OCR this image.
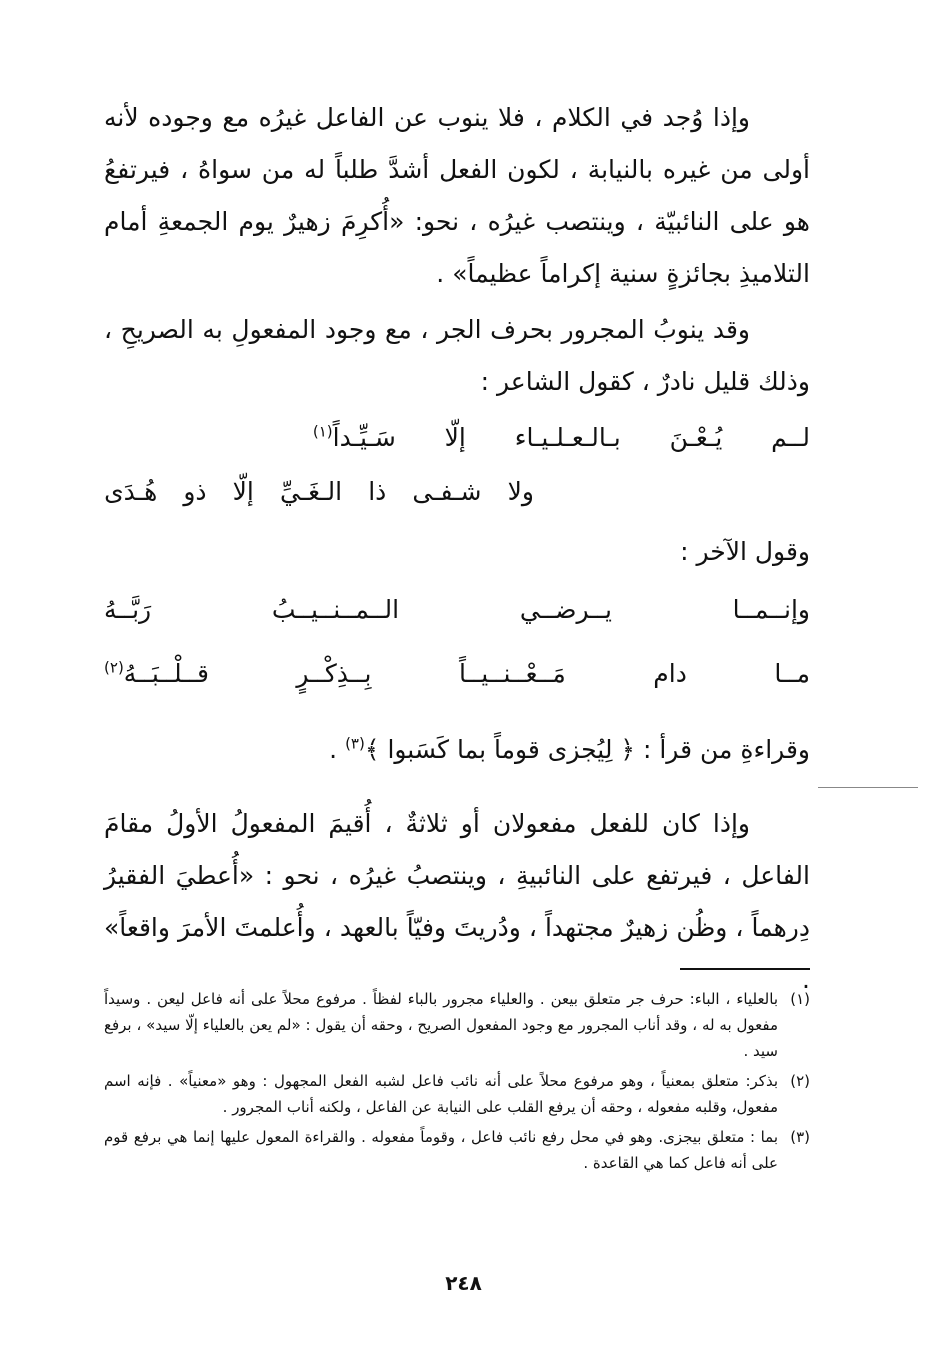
وإذا وُجد في الكلام ، فلا ينوب عن الفاعل غيرُه مع وجوده لأنه أولى من غيره بالنيابة ، لكون الفعل أشدَّ طلباً له من سواهُ ، فيرتفعُ هو على النائبيّة ، وينتصب غيرُه ، نحو: «أُكرِمَ زهيرٌ يوم الجمعةِ أمام التلاميذِ بجائزةٍ سنية إكراماً عظيماً» .

وقد ينوبُ المجرور بحرف الجر ، مع وجود المفعولِ به الصريحِ ، وذلك قليل نادرٌ ، كقول الشاعر :

لــم
يُـعْـنَ
بـالـعـلـيـاء
إلّا
سَـيِّـداً$^{(١)}$
ولا
شـفـى
ذا
الـغَـيِّ
إلّا
ذو
هُـدَى
وقول الآخر :
وإنــمــا
يــرضــي
الــمــنــيــبُ
رَبَّــهُ
مــا
دام
مَــعْــنــيــاً
بِــذِكْــرٍ
قــلْــبَــهُ$^{(٢)}$
وقراءةِ من قرأ : ﴿ لِيُجزى قوماً بما كَسَبوا ﴾$^{(٣)}$ .

وإذا كان للفعل مفعولان أو ثلاثةٌ ، أُقيمَ المفعولُ الأولُ مقامَ الفاعل ، فيرتفع على النائبيةِ ، وينتصبُ غيرُه ، نحو : «أُعطيَ الفقيرُ دِرهماً ، وظُن زهيرٌ مجتهداً ، ودُريتَ وفيّاً بالعهد ، وأُعلمتَ الأمرَ واقعاً» .

(١)
بالعلياء ، الباء: حرف جر متعلق بيعن . والعلياء مجرور بالباء لفظاً . مرفوع محلاً على أنه فاعل ليعن . وسيداً مفعول به له ، وقد أناب المجرور مع وجود المفعول الصريح ، وحقه أن يقول : «لم يعن بالعلياء إلّا سيد» ، برفع سيد .
(٢)
بذكر: متعلق بمعنياً ، وهو مرفوع محلاً على أنه نائب فاعل لشبه الفعل المجهول : وهو «معنياً» . فإنه اسم مفعول، وقلبه مفعوله ، وحقه أن يرفع القلب على النيابة عن الفاعل ، ولكنه أناب المجرور .
(٣)
بما : متعلق بيجزى. وهو في محل رفع نائب فاعل ، وقوماً مفعوله . والقراءة المعول عليها إنما هي برفع قوم على أنه فاعل كما هي القاعدة .
٢٤٨
